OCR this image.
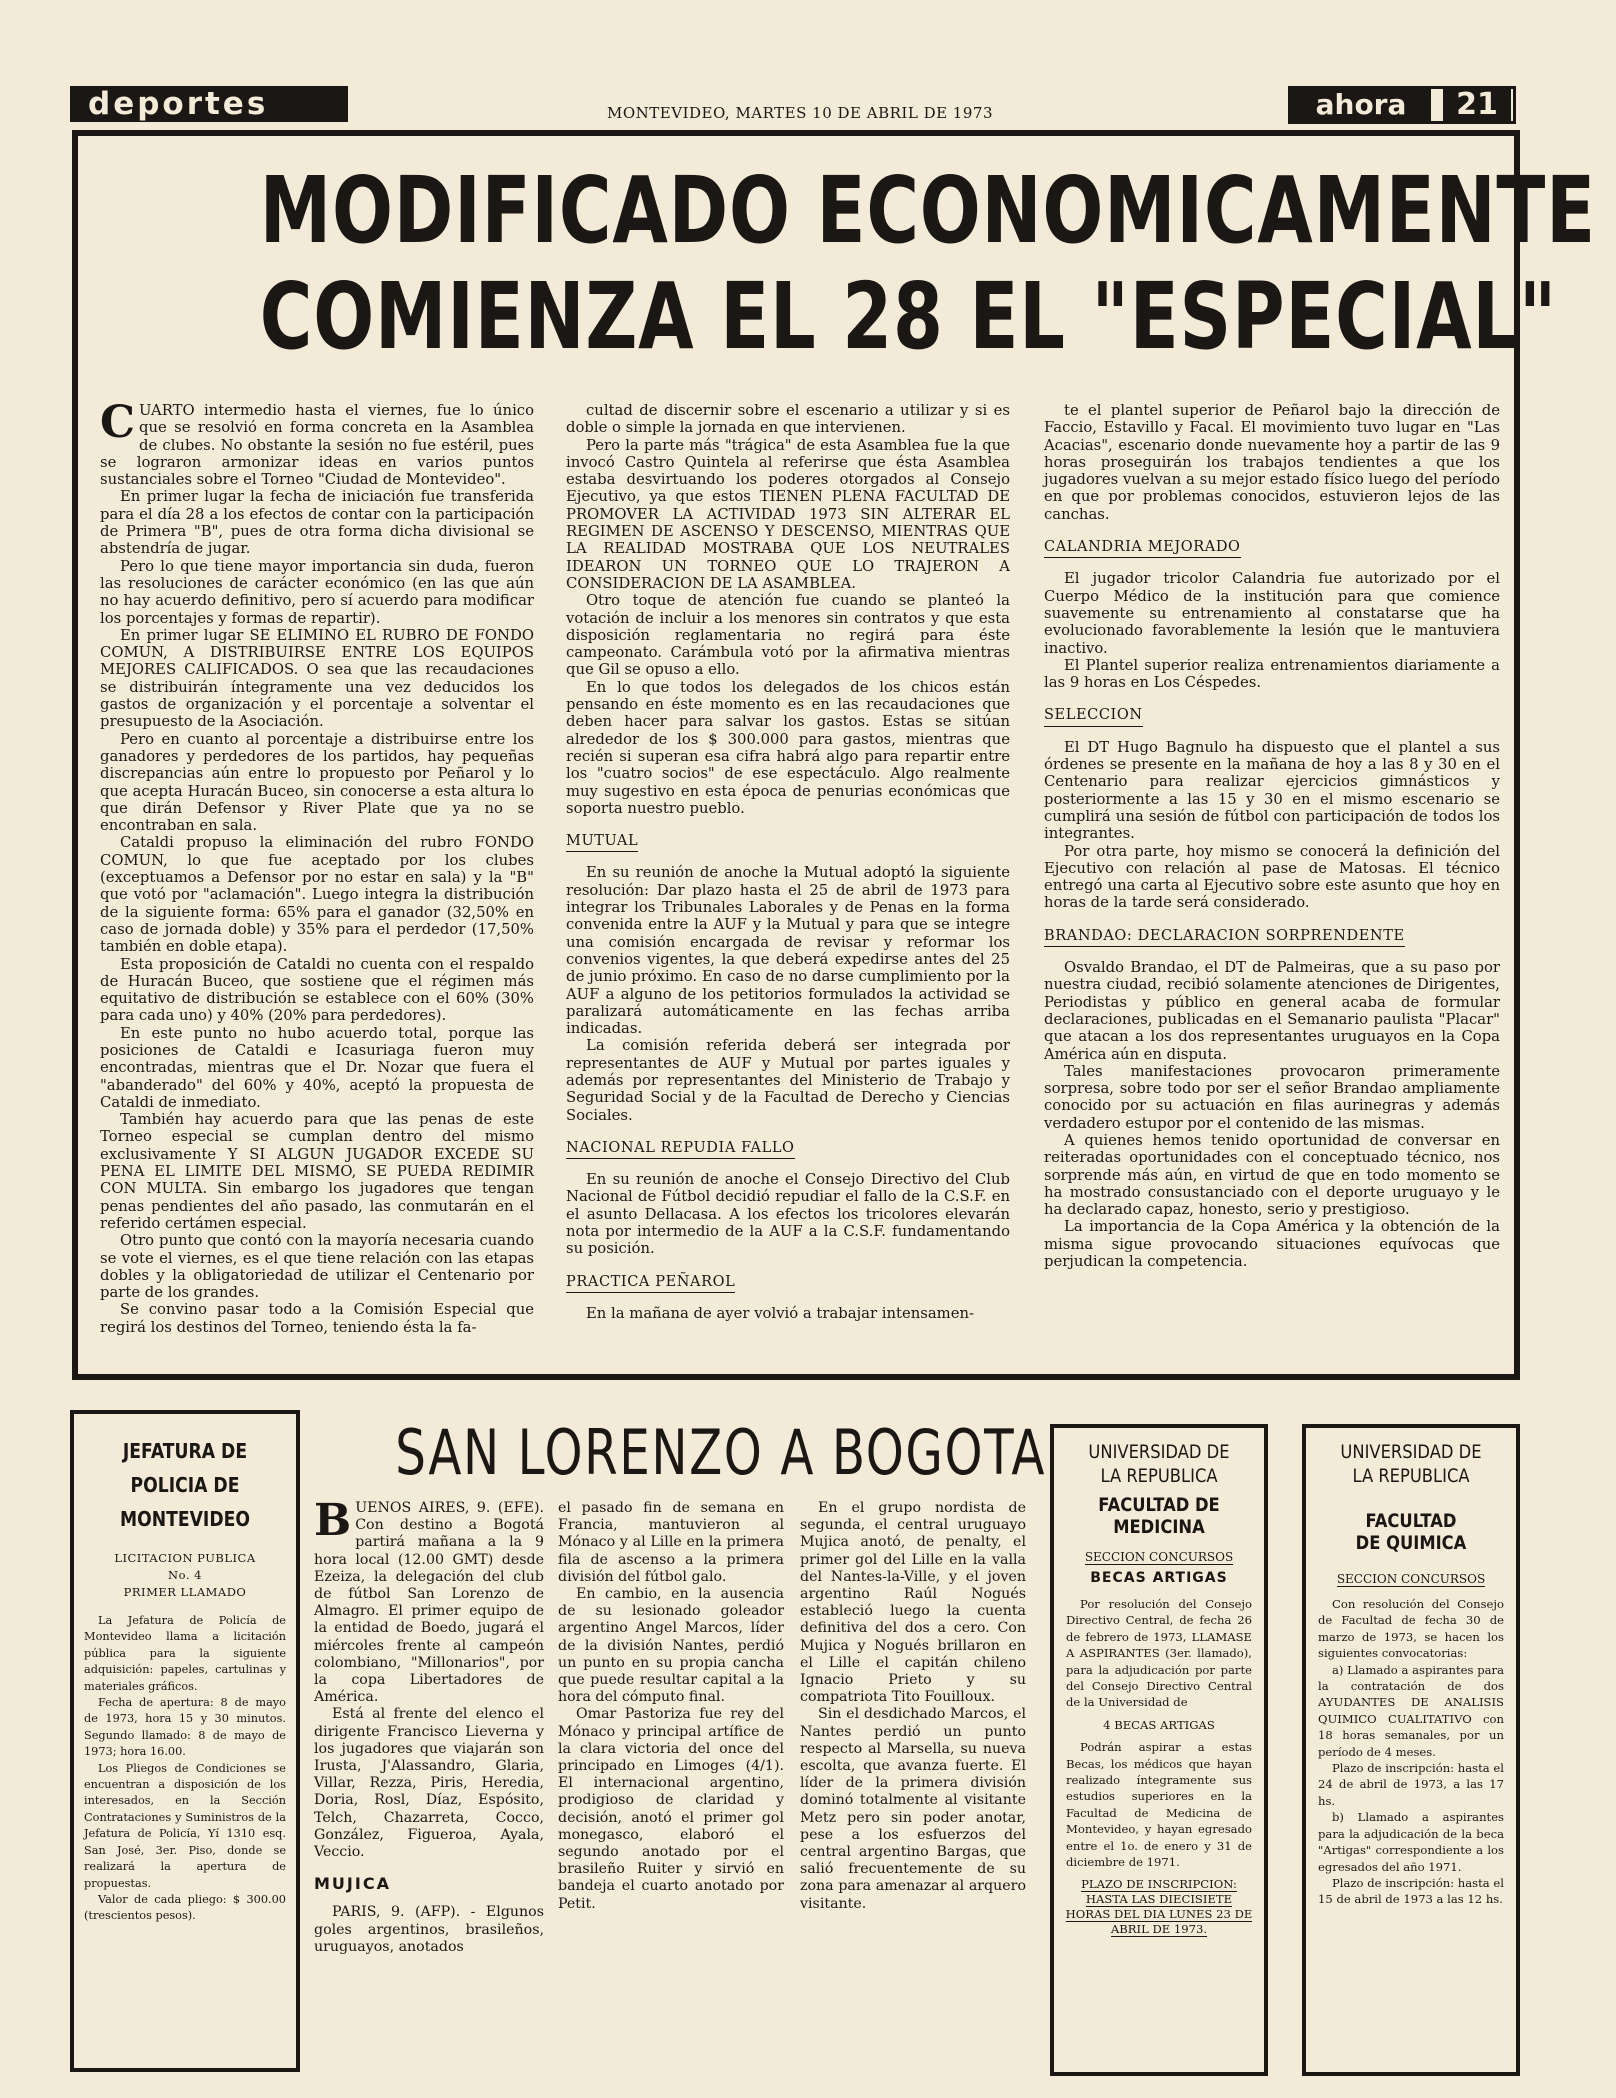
deportes	MONTEVIDEO, MARTES 10 DE ABRIL DE 1973	ahora	21
MODIFICADO ECONOMICAMENTE
COMIENZA EL 28 EL "ESPECIAL"

CUARTO intermedio hasta el viernes, fue lo único que se resolvió en forma concreta en la Asamblea de clubes. No obstante la sesión no fue estéril, pues se lograron armonizar ideas en varios puntos sustanciales sobre el Torneo "Ciudad de Montevideo".

En primer lugar la fecha de iniciación fue transferida para el día 28 a los efectos de contar con la participación de Primera "B", pues de otra forma dicha divisional se abstendría de jugar.

Pero lo que tiene mayor importancia sin duda, fueron las resoluciones de carácter económico (en las que aún no hay acuerdo definitivo, pero sí acuerdo para modificar los porcentajes y formas de repartir).

En primer lugar SE ELIMINO EL RUBRO DE FONDO COMUN, A DISTRIBUIRSE ENTRE LOS EQUIPOS MEJORES CALIFICADOS. O sea que las recaudaciones se distribuirán íntegramente una vez deducidos los gastos de organización y el porcentaje a solventar el presupuesto de la Asociación.

Pero en cuanto al porcentaje a distribuirse entre los ganadores y perdedores de los partidos, hay pequeñas discrepancias aún entre lo propuesto por Peñarol y lo que acepta Huracán Buceo, sin conocerse a esta altura lo que dirán Defensor y River Plate que ya no se encontraban en sala.

Cataldi propuso la eliminación del rubro FONDO COMUN, lo que fue aceptado por los clubes (exceptuamos a Defensor por no estar en sala) y la "B" que votó por "aclamación". Luego integra la distribución de la siguiente forma: 65% para el ganador (32,50% en caso de jornada doble) y 35% para el perdedor (17,50% también en doble etapa).

Esta proposición de Cataldi no cuenta con el respaldo de Huracán Buceo, que sostiene que el régimen más equitativo de distribución se establece con el 60% (30% para cada uno) y 40% (20% para perdedores).

En este punto no hubo acuerdo total, porque las posiciones de Cataldi e Icasuriaga fueron muy encontradas, mientras que el Dr. Nozar que fuera el "abanderado" del 60% y 40%, aceptó la propuesta de Cataldi de inmediato.

También hay acuerdo para que las penas de este Torneo especial se cumplan dentro del mismo exclusivamente Y SI ALGUN JUGADOR EXCEDE SU PENA EL LIMITE DEL MISMO, SE PUEDA REDIMIR CON MULTA. Sin embargo los jugadores que tengan penas pendientes del año pasado, las conmutarán en el referido certámen especial.

Otro punto que contó con la mayoría necesaria cuando se vote el viernes, es el que tiene relación con las etapas dobles y la obligatoriedad de utilizar el Centenario por parte de los grandes.

Se convino pasar todo a la Comisión Especial que regirá los destinos del Torneo, teniendo ésta la fa-

cultad de discernir sobre el escenario a utilizar y si es doble o simple la jornada en que intervienen.

Pero la parte más "trágica" de esta Asamblea fue la que invocó Castro Quintela al referirse que ésta Asamblea estaba desvirtuando los poderes otorgados al Consejo Ejecutivo, ya que estos TIENEN PLENA FACULTAD DE PROMOVER LA ACTIVIDAD 1973 SIN ALTERAR EL REGIMEN DE ASCENSO Y DESCENSO, MIENTRAS QUE LA REALIDAD MOSTRABA QUE LOS NEUTRALES IDEARON UN TORNEO QUE LO TRAJERON A CONSIDERACION DE LA ASAMBLEA.

Otro toque de atención fue cuando se planteó la votación de incluir a los menores sin contratos y que esta disposición reglamentaria no regirá para éste campeonato. Carámbula votó por la afirmativa mientras que Gil se opuso a ello.

En lo que todos los delegados de los chicos están pensando en éste momento es en las recaudaciones que deben hacer para salvar los gastos. Estas se sitúan alrededor de los $ 300.000 para gastos, mientras que recién si superan esa cifra habrá algo para repartir entre los "cuatro socios" de ese espectáculo. Algo realmente muy sugestivo en esta época de penurias económicas que soporta nuestro pueblo.

MUTUAL

En su reunión de anoche la Mutual adoptó la siguiente resolución: Dar plazo hasta el 25 de abril de 1973 para integrar los Tribunales Laborales y de Penas en la forma convenida entre la AUF y la Mutual y para que se integre una comisión encargada de revisar y reformar los convenios vigentes, la que deberá expedirse antes del 25 de junio próximo. En caso de no darse cumplimiento por la AUF a alguno de los petitorios formulados la actividad se paralizará automáticamente en las fechas arriba indicadas.

La comisión referida deberá ser integrada por representantes de AUF y Mutual por partes iguales y además por representantes del Ministerio de Trabajo y Seguridad Social y de la Facultad de Derecho y Ciencias Sociales.

NACIONAL REPUDIA FALLO

En su reunión de anoche el Consejo Directivo del Club Nacional de Fútbol decidió repudiar el fallo de la C.S.F. en el asunto Dellacasa. A los efectos los tricolores elevarán nota por intermedio de la AUF a la C.S.F. fundamentando su posición.

PRACTICA PEÑAROL

En la mañana de ayer volvió a trabajar intensamen-

te el plantel superior de Peñarol bajo la dirección de Faccio, Estavillo y Facal. El movimiento tuvo lugar en "Las Acacias", escenario donde nuevamente hoy a partir de las 9 horas proseguirán los trabajos tendientes a que los jugadores vuelvan a su mejor estado físico luego del período en que por problemas conocidos, estuvieron lejos de las canchas.

CALANDRIA MEJORADO

El jugador tricolor Calandria fue autorizado por el Cuerpo Médico de la institución para que comience suavemente su entrenamiento al constatarse que ha evolucionado favorablemente la lesión que le mantuviera inactivo.

El Plantel superior realiza entrenamientos diariamente a las 9 horas en Los Céspedes.

SELECCION

El DT Hugo Bagnulo ha dispuesto que el plantel a sus órdenes se presente en la mañana de hoy a las 8 y 30 en el Centenario para realizar ejercicios gimnásticos y posteriormente a las 15 y 30 en el mismo escenario se cumplirá una sesión de fútbol con participación de todos los integrantes.

Por otra parte, hoy mismo se conocerá la definición del Ejecutivo con relación al pase de Matosas. El técnico entregó una carta al Ejecutivo sobre este asunto que hoy en horas de la tarde será considerado.

BRANDAO: DECLARACION SORPRENDENTE

Osvaldo Brandao, el DT de Palmeiras, que a su paso por nuestra ciudad, recibió solamente atenciones de Dirigentes, Periodistas y público en general acaba de formular declaraciones, publicadas en el Semanario paulista "Placar" que atacan a los dos representantes uruguayos en la Copa América aún en disputa.

Tales manifestaciones provocaron primeramente sorpresa, sobre todo por ser el señor Brandao ampliamente conocido por su actuación en filas aurinegras y además verdadero estupor por el contenido de las mismas.

A quienes hemos tenido oportunidad de conversar en reiteradas oportunidades con el conceptuado técnico, nos sorprende más aún, en virtud de que en todo momento se ha mostrado consustanciado con el deporte uruguayo y le ha declarado capaz, honesto, serio y prestigioso.

La importancia de la Copa América y la obtención de la misma sigue provocando situaciones equívocas que perjudican la competencia.

JEFATURA DE
POLICIA DE
MONTEVIDEO
LICITACION PUBLICA
No. 4
PRIMER LLAMADO

La Jefatura de Policía de Montevideo llama a licitación pública para la siguiente adquisición: papeles, cartulinas y materiales gráficos.

Fecha de apertura: 8 de mayo de 1973, hora 15 y 30 minutos. Segundo llamado: 8 de mayo de 1973; hora 16.00.

Los Pliegos de Condiciones se encuentran a disposición de los interesados, en la Sección Contrataciones y Suministros de la Jefatura de Policía, Yí 1310 esq. San José, 3er. Piso, donde se realizará la apertura de propuestas.

Valor de cada pliego: $ 300.00 (trescientos pesos).

SAN LORENZO A BOGOTA

BUENOS AIRES, 9. (EFE). Con destino a Bogotá partirá mañana a la 9 hora local (12.00 GMT) desde Ezeiza, la delegación del club de fútbol San Lorenzo de Almagro. El primer equipo de la entidad de Boedo, jugará el miércoles frente al campeón colombiano, "Millonarios", por la copa Libertadores de América.

Está al frente del elenco el dirigente Francisco Lieverna y los jugadores que viajarán son Irusta, J'Alassandro, Glaria, Villar, Rezza, Piris, Heredia, Doria, Rosl, Díaz, Espósito, Telch, Chazarreta, Cocco, González, Figueroa, Ayala, Veccio.

MUJICA

PARIS, 9. (AFP). - Elgunos goles argentinos, brasileños, uruguayos, anotados

el pasado fin de semana en Francia, mantuvieron al Mónaco y al Lille en la primera fila de ascenso a la primera división del fútbol galo.

En cambio, en la ausencia de su lesionado goleador argentino Angel Marcos, líder de la división Nantes, perdió un punto en su propia cancha que puede resultar capital a la hora del cómputo final.

Omar Pastoriza fue rey del Mónaco y principal artífice de la clara victoria del once del principado en Limoges (4/1). El internacional argentino, prodigioso de claridad y decisión, anotó el primer gol monegasco, elaboró el segundo anotado por el brasileño Ruiter y sirvió en bandeja el cuarto anotado por Petit.

En el grupo nordista de segunda, el central uruguayo Mujica anotó, de penalty, el primer gol del Lille en la valla del Nantes-la-Ville, y el joven argentino Raúl Nogués estableció luego la cuenta definitiva del dos a cero. Con Mujica y Nogués brillaron en el Lille el capitán chileno Ignacio Prieto y su compatriota Tito Fouilloux.

Sin el desdichado Marcos, el Nantes perdió un punto respecto al Marsella, su nueva escolta, que avanza fuerte. El líder de la primera división dominó totalmente al visitante Metz pero sin poder anotar, pese a los esfuerzos del central argentino Bargas, que salió frecuentemente de su zona para amenazar al arquero visitante.

UNIVERSIDAD DE
LA REPUBLICA
FACULTAD DE
MEDICINA
SECCION CONCURSOS
BECAS ARTIGAS

Por resolución del Consejo Directivo Central, de fecha 26 de febrero de 1973, LLAMASE A ASPIRANTES (3er. llamado), para la adjudicación por parte del Consejo Directivo Central de la Universidad de

4 BECAS ARTIGAS

Podrán aspirar a estas Becas, los médicos que hayan realizado íntegramente sus estudios superiores en la Facultad de Medicina de Montevideo, y hayan egresado entre el 1o. de enero y 31 de diciembre de 1971.

PLAZO DE INSCRIPCION: HASTA LAS DIECISIETE HORAS DEL DIA LUNES 23 DE ABRIL DE 1973.
UNIVERSIDAD DE
LA REPUBLICA
FACULTAD
DE QUIMICA
SECCION CONCURSOS

Con resolución del Consejo de Facultad de fecha 30 de marzo de 1973, se hacen los siguientes convocatorias:

a) Llamado a aspirantes para la contratación de dos AYUDANTES DE ANALISIS QUIMICO CUALITATIVO con 18 horas semanales, por un período de 4 meses.

Plazo de inscripción: hasta el 24 de abril de 1973, a las 17 hs.

b) Llamado a aspirantes para la adjudicación de la beca "Artigas" correspondiente a los egresados del año 1971.

Plazo de inscripción: hasta el 15 de abril de 1973 a las 12 hs.
